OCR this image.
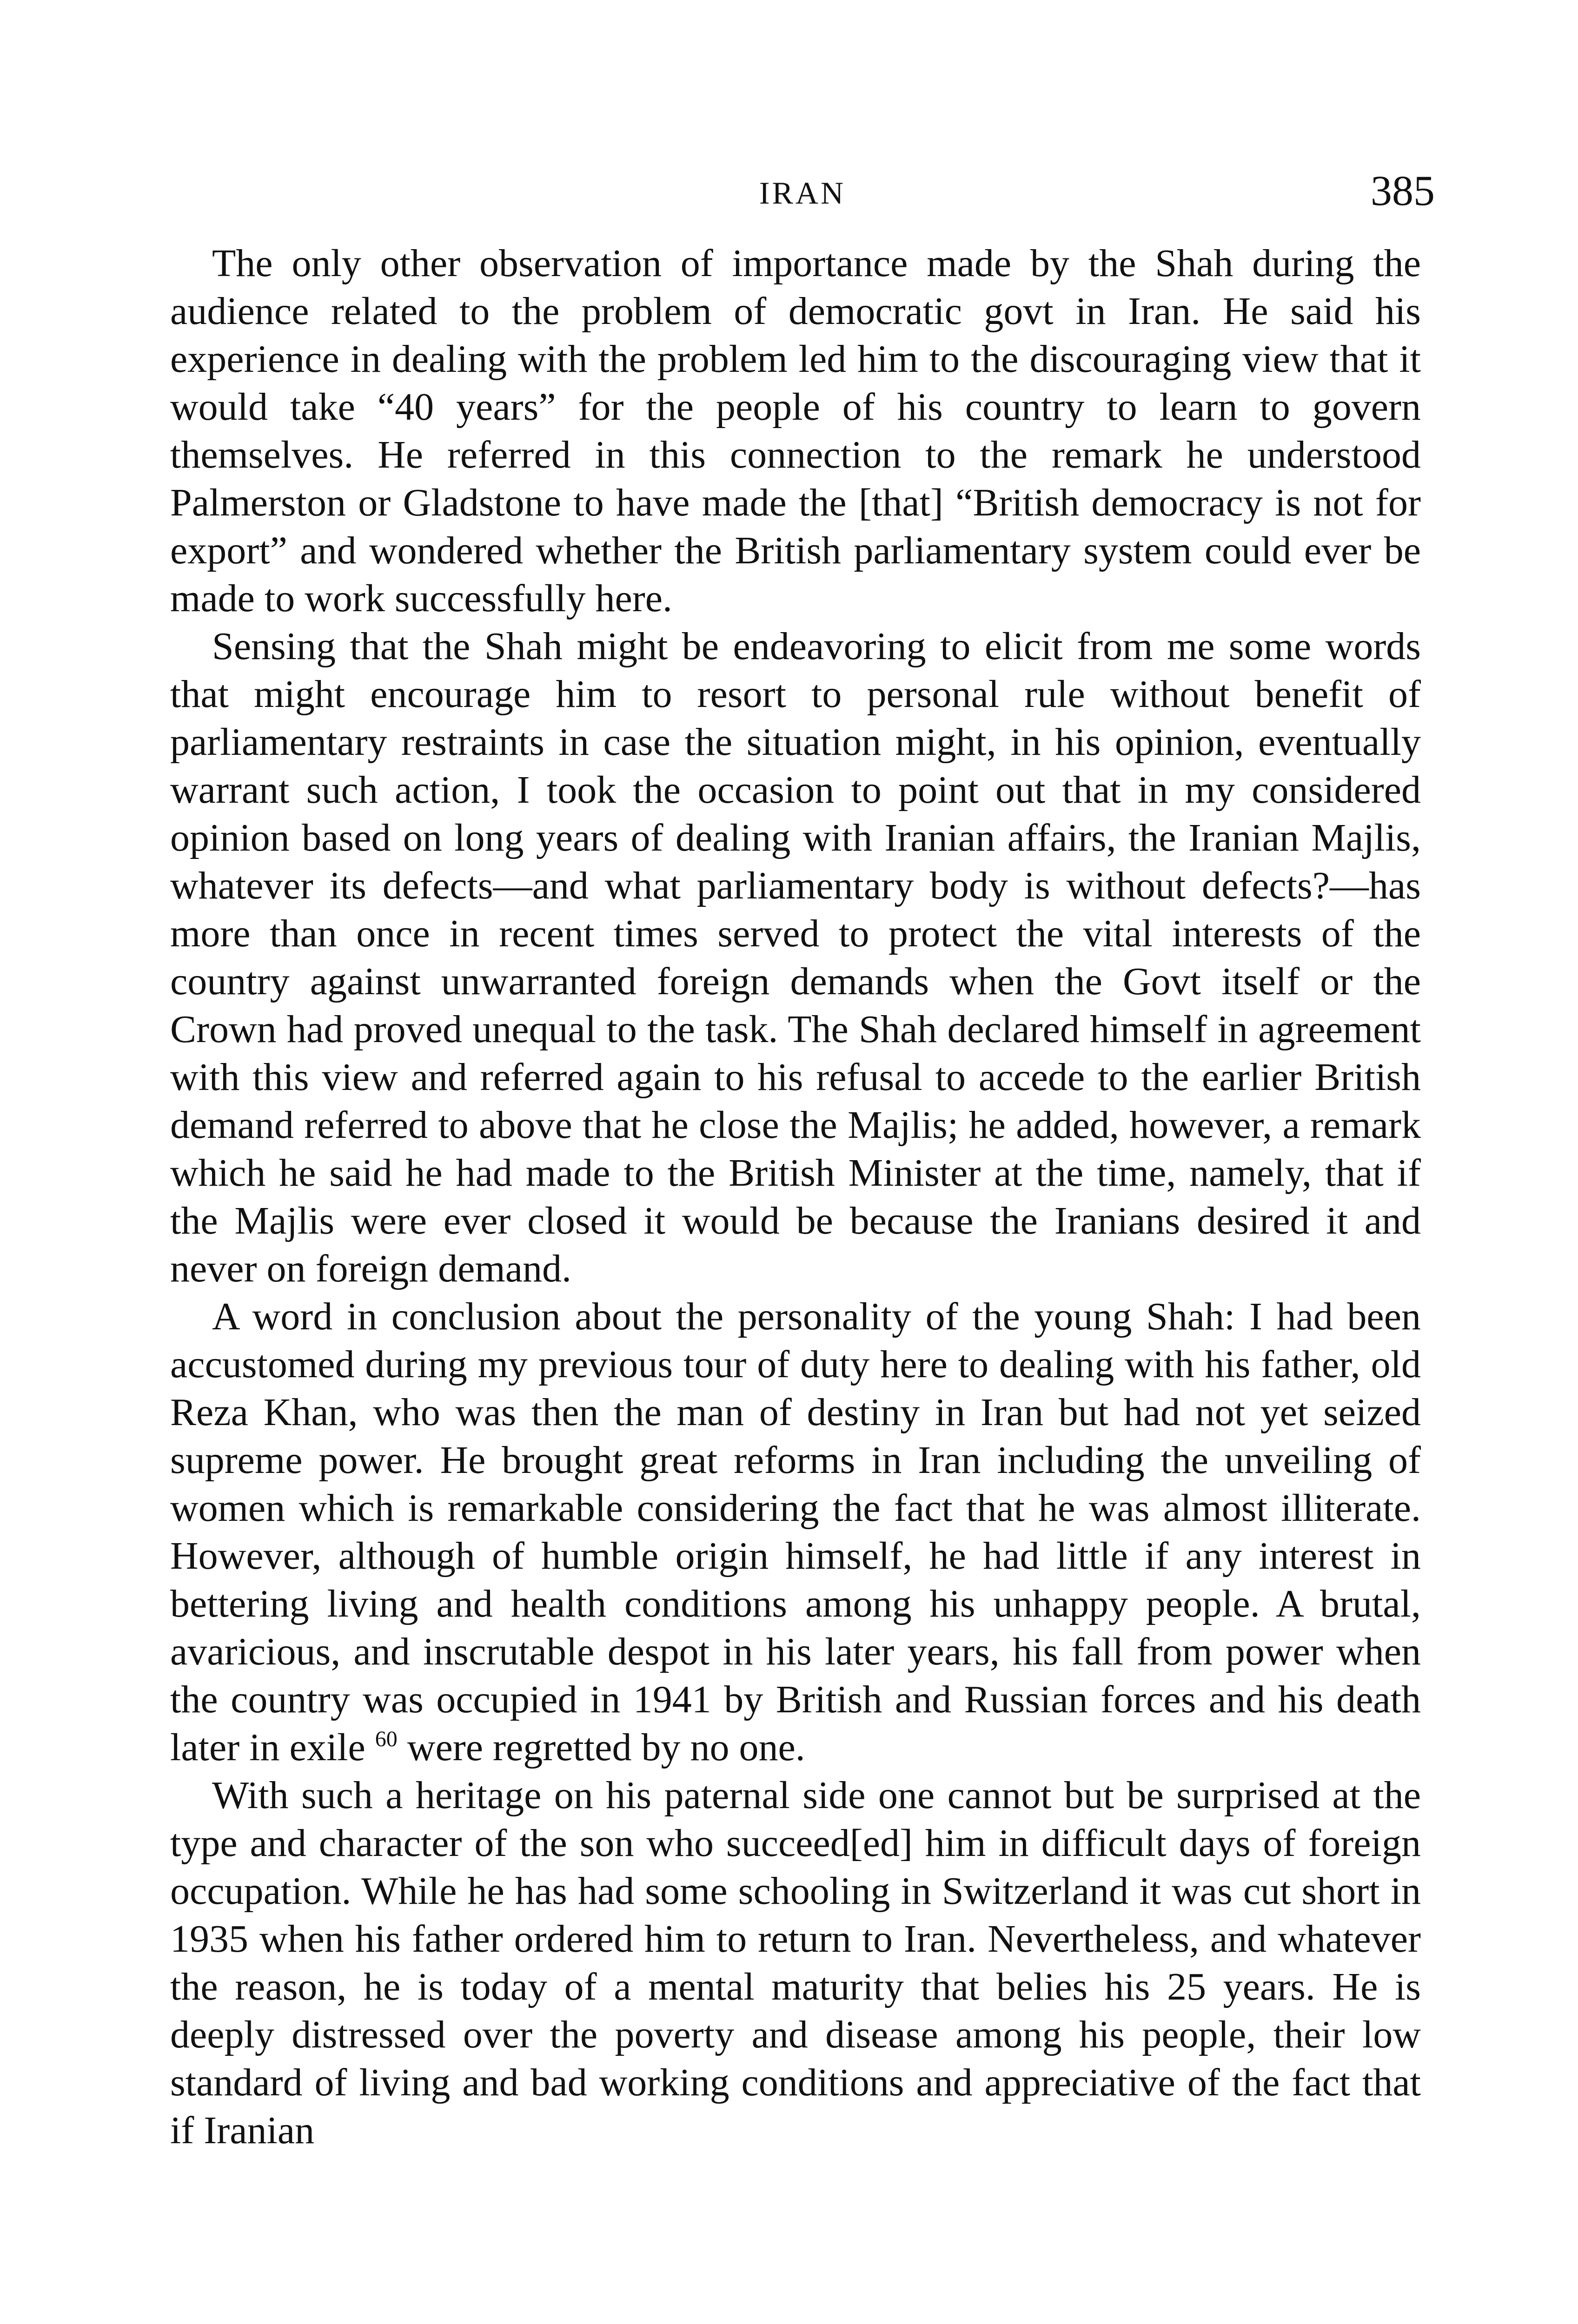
IRAN	385

The only other observation of importance made by the Shah during the audience related to the problem of democratic govt in Iran. He said his experience in dealing with the problem led him to the discouraging view that it would take “40 years” for the people of his country to learn to govern themselves. He referred in this connection to the remark he understood Palmerston or Gladstone to have made the [that] “British democracy is not for export” and wondered whether the British parliamentary system could ever be made to work successfully here.

Sensing that the Shah might be endeavoring to elicit from me some words that might encourage him to resort to personal rule without benefit of parliamentary restraints in case the situation might, in his opinion, eventually warrant such action, I took the occasion to point out that in my considered opinion based on long years of dealing with Iranian affairs, the Iranian Majlis, whatever its defects—and what parliamentary body is without defects?—has more than once in recent times served to protect the vital interests of the country against unwarranted foreign demands when the Govt itself or the Crown had proved unequal to the task. The Shah declared himself in agreement with this view and referred again to his refusal to accede to the earlier British demand referred to above that he close the Majlis; he added, however, a remark which he said he had made to the British Minister at the time, namely, that if the Majlis were ever closed it would be because the Iranians desired it and never on foreign demand.

A word in conclusion about the personality of the young Shah: I had been accustomed during my previous tour of duty here to dealing with his father, old Reza Khan, who was then the man of destiny in Iran but had not yet seized supreme power. He brought great reforms in Iran including the unveiling of women which is remarkable considering the fact that he was almost illiterate. However, although of humble origin himself, he had little if any interest in bettering living and health conditions among his unhappy people. A brutal, avaricious, and inscrutable despot in his later years, his fall from power when the country was occupied in 1941 by British and Russian forces and his death later in exile $^{60}$ were regretted by no one.

With such a heritage on his paternal side one cannot but be surprised at the type and character of the son who succeed[ed] him in difficult days of foreign occupation. While he has had some schooling in Switzerland it was cut short in 1935 when his father ordered him to return to Iran. Nevertheless, and whatever the reason, he is today of a mental maturity that belies his 25 years. He is deeply distressed over the poverty and disease among his people, their low standard of living and bad working conditions and appreciative of the fact that if Iranian
